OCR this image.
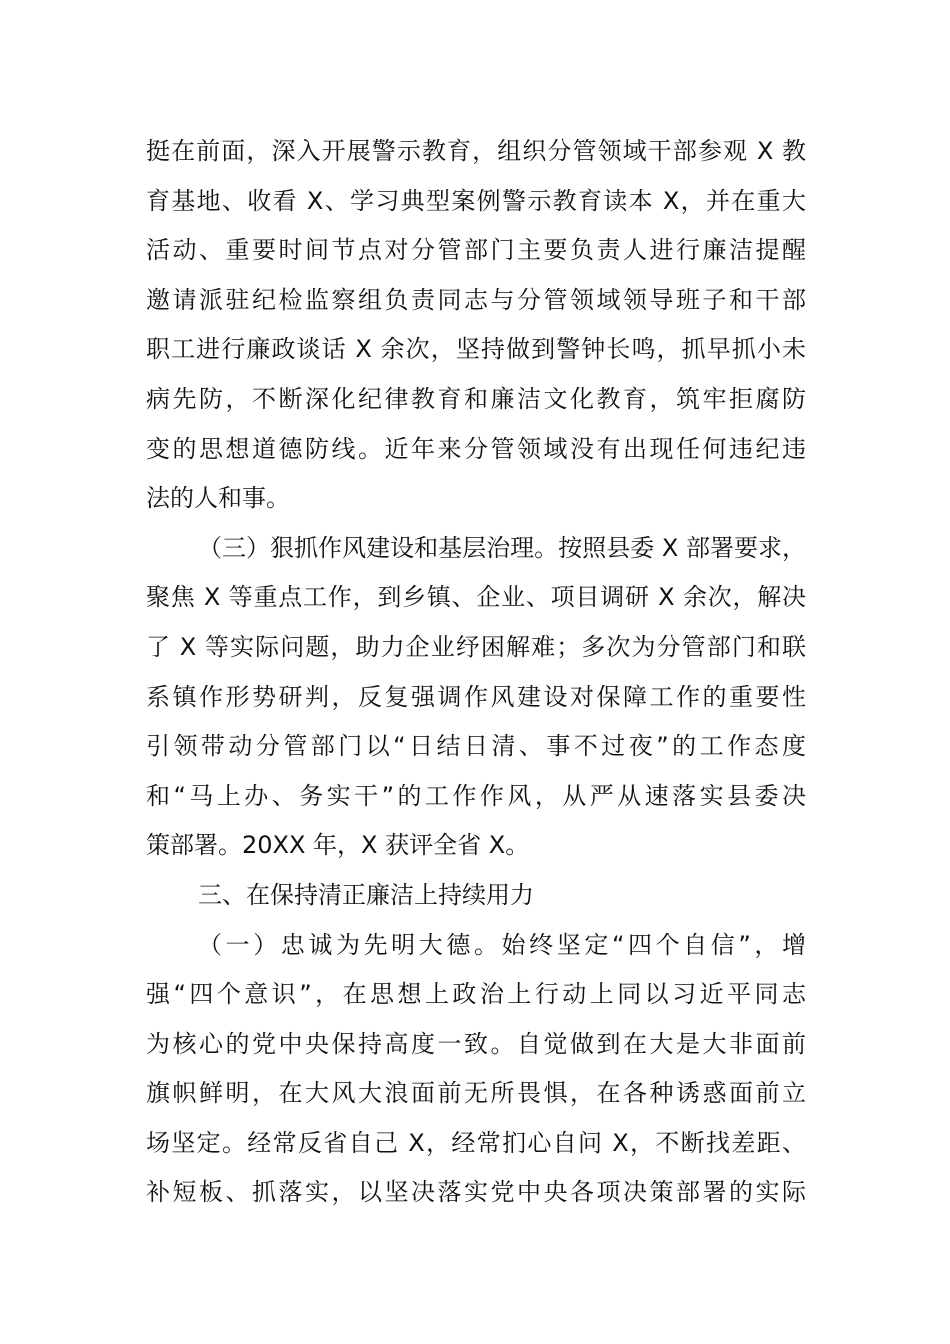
挺在前面，深入开展警示教育，组织分管领域干部参观 X 教
育基地、收看 X、学习典型案例警示教育读本 X，并在重大
活动、重要时间节点对分管部门主要负责人进行廉洁提醒
邀请派驻纪检监察组负责同志与分管领域领导班子和干部
职工进行廉政谈话 X 余次，坚持做到警钟长鸣，抓早抓小未
病先防，不断深化纪律教育和廉洁文化教育，筑牢拒腐防
变的思想道德防线。近年来分管领域没有出现任何违纪违
法的人和事。
（三）狠抓作风建设和基层治理。按照县委 X 部署要求，
聚焦 X 等重点工作，到乡镇、企业、项目调研 X 余次，解决
了 X 等实际问题，助力企业纾困解难；多次为分管部门和联
系镇作形势研判，反复强调作风建设对保障工作的重要性
引领带动分管部门以“日结日清、事不过夜”的工作态度
和“马上办、务实干”的工作作风，从严从速落实县委决
策部署。20XX 年，X 获评全省 X。
三、在保持清正廉洁上持续用力
（一）忠诚为先明大德。始终坚定“四个自信”，增
强“四个意识”，在思想上政治上行动上同以习近平同志
为核心的党中央保持高度一致。自觉做到在大是大非面前
旗帜鲜明，在大风大浪面前无所畏惧，在各种诱惑面前立
场坚定。经常反省自己 X，经常扪心自问 X，不断找差距、
补短板、抓落实，以坚决落实党中央各项决策部署的实际
